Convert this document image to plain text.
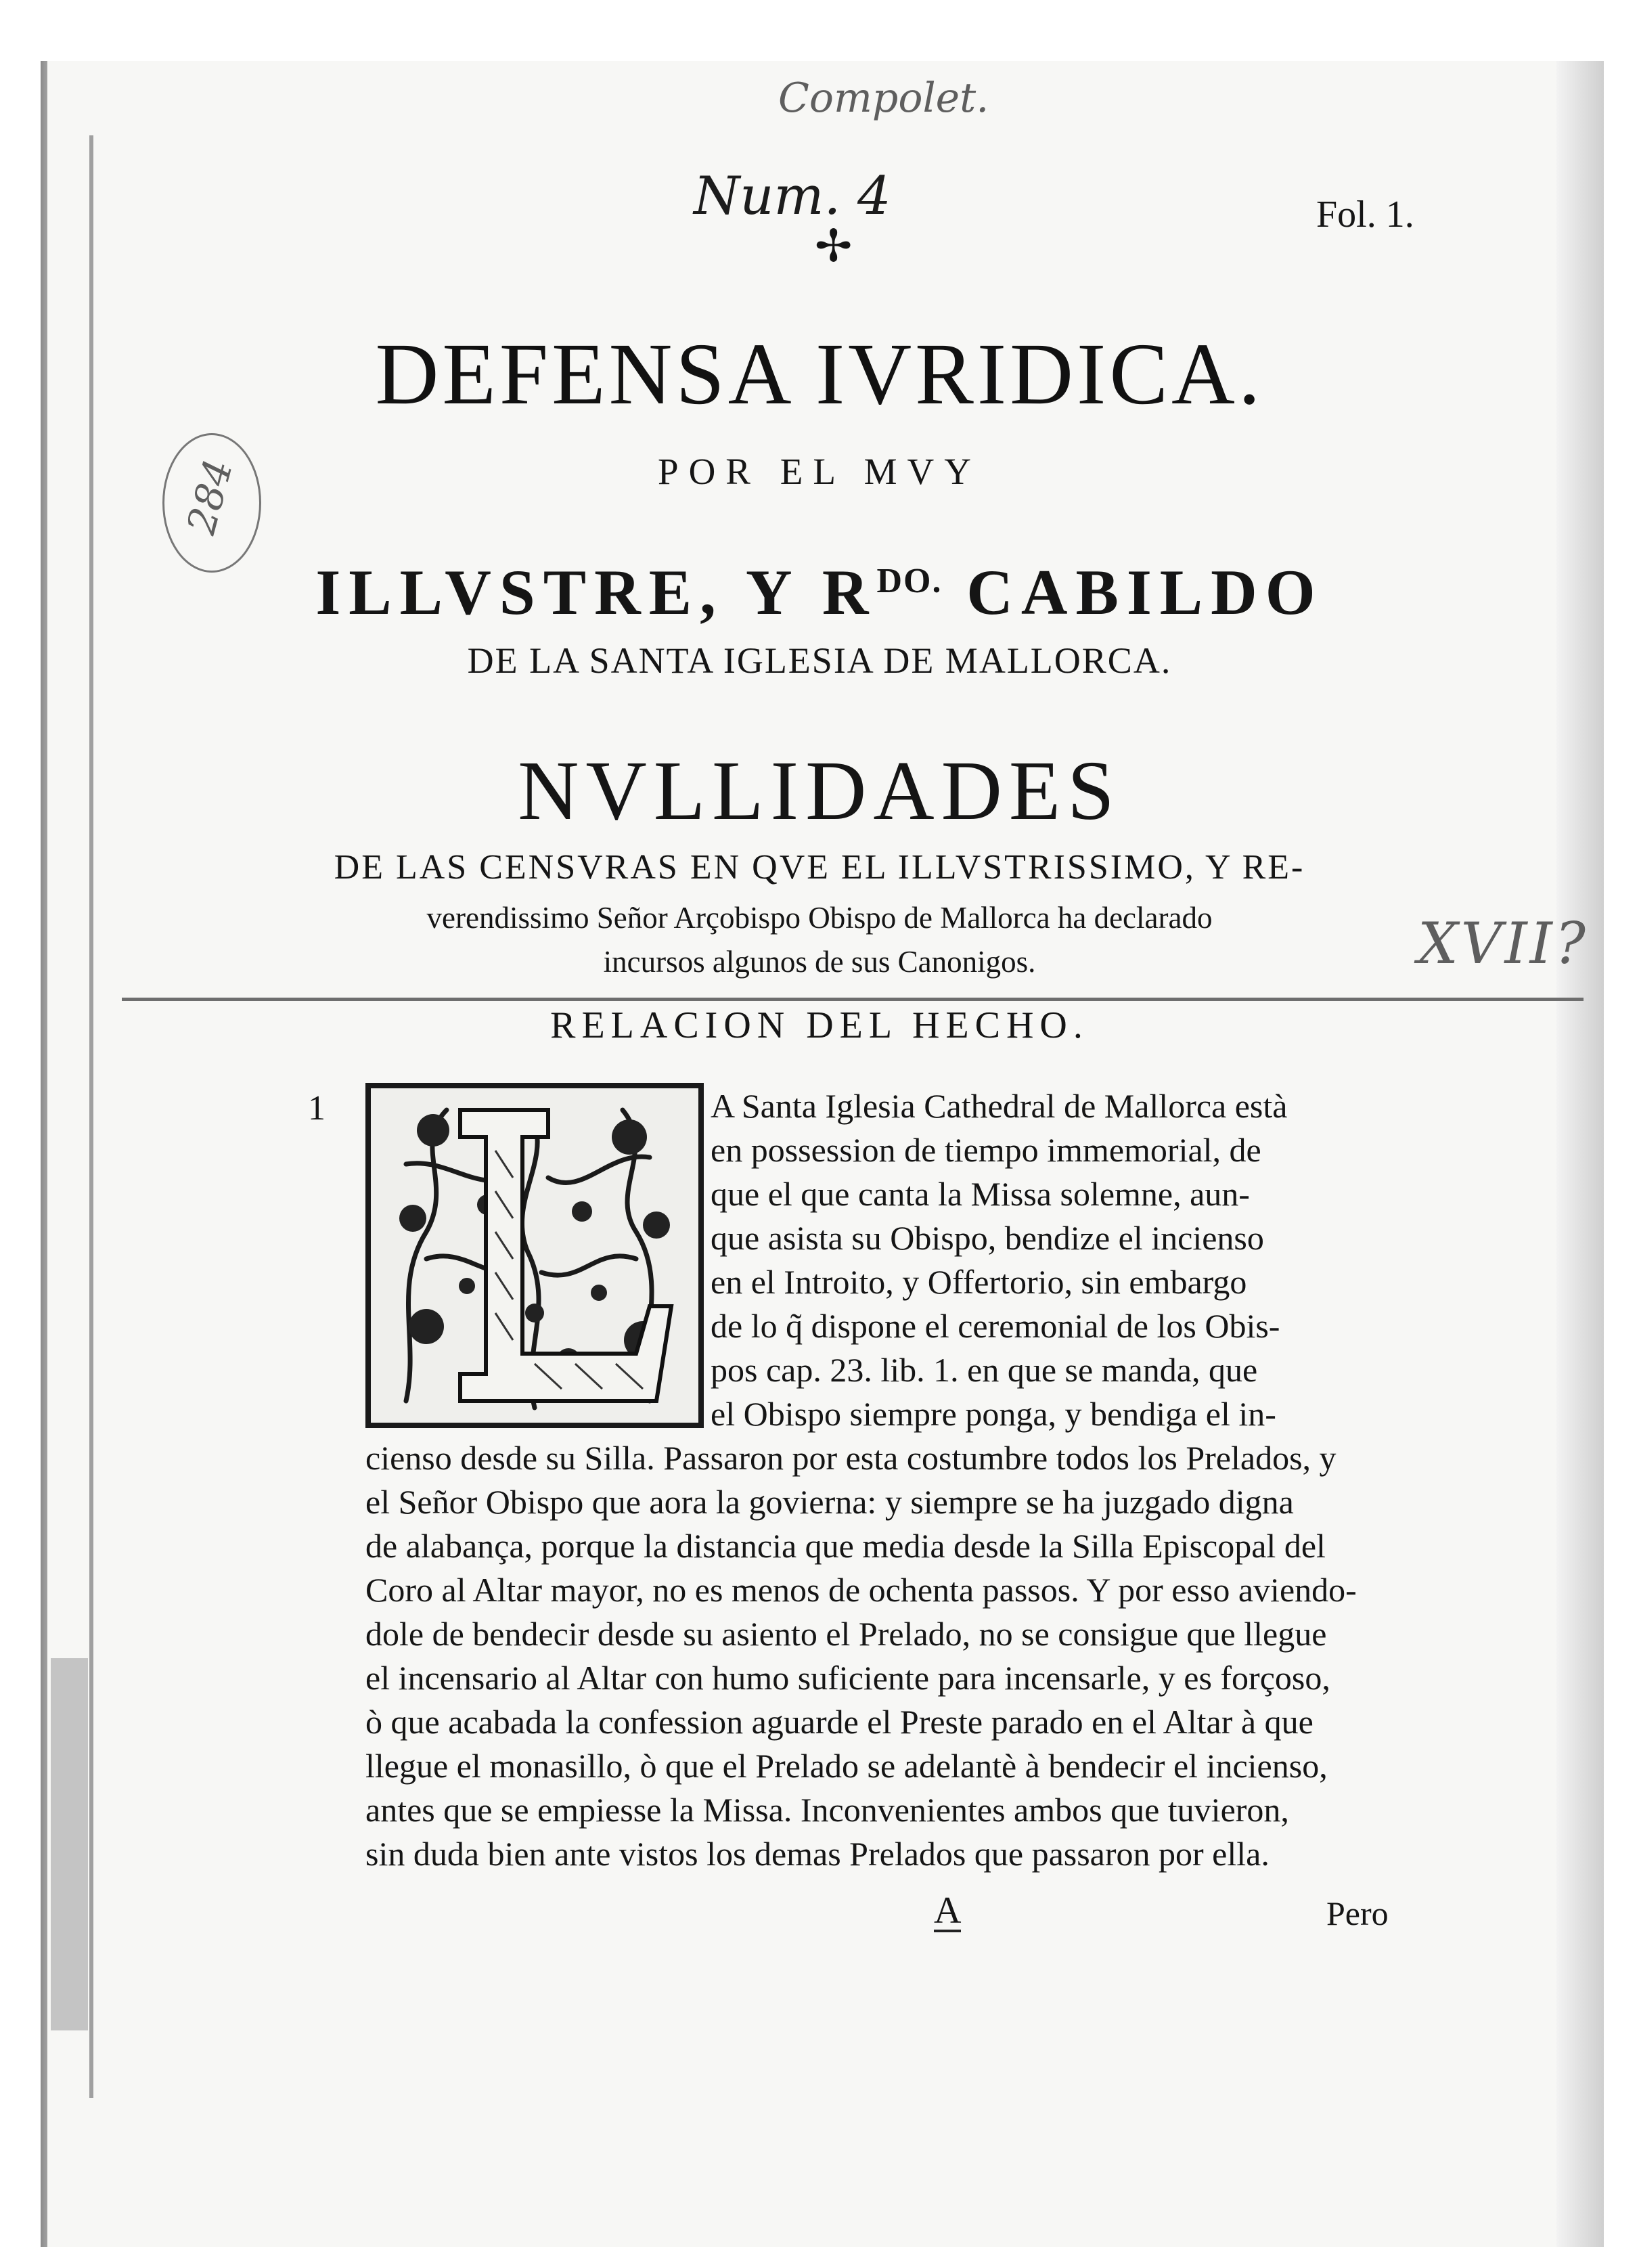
Compolet.
Num. 4
284
XVII?
✢
Fol. 1.
DEFENSA IVRIDICA.
POR EL MVY
ILLVSTRE, Y $R^{DO.}$ CABILDO
DE LA SANTA IGLESIA DE MALLORCA.
NVLLIDADES
DE LAS CENSVRAS EN QVE EL ILLVSTRISSIMO, Y RE-
verendissimo Señor Arçobispo Obispo de Mallorca ha declarado
incursos algunos de sus Canonigos.
RELACION DEL HECHO.
1	A Santa Iglesia Cathedral de Mallorca està
en possession de tiempo immemorial, de
que el que canta la Missa solemne, aun-
que asista su Obispo, bendize el incienso
en el Introito, y Offertorio, sin embargo
de lo q̃ dispone el ceremonial de los Obis-
pos cap. 23. lib. 1. en que se manda, que
el Obispo siempre ponga, y bendiga el in-
cienso desde su Silla. Passaron por esta costumbre todos los Prelados, y
el Señor Obispo que aora la govierna: y siempre se ha juzgado digna
de alabança, porque la distancia que media desde la Silla Episcopal del
Coro al Altar mayor, no es menos de ochenta passos. Y por esso aviendo-
dole de bendecir desde su asiento el Prelado, no se consigue que llegue
el incensario al Altar con humo suficiente para incensarle, y es forçoso,
ò que acabada la confession aguarde el Preste parado en el Altar à que
llegue el monasillo, ò que el Prelado se adelantè à bendecir el incienso,
antes que se empiesse la Missa. Inconvenientes ambos que tuvieron,
sin duda bien ante vistos los demas Prelados que passaron por ella.
A	Pero
